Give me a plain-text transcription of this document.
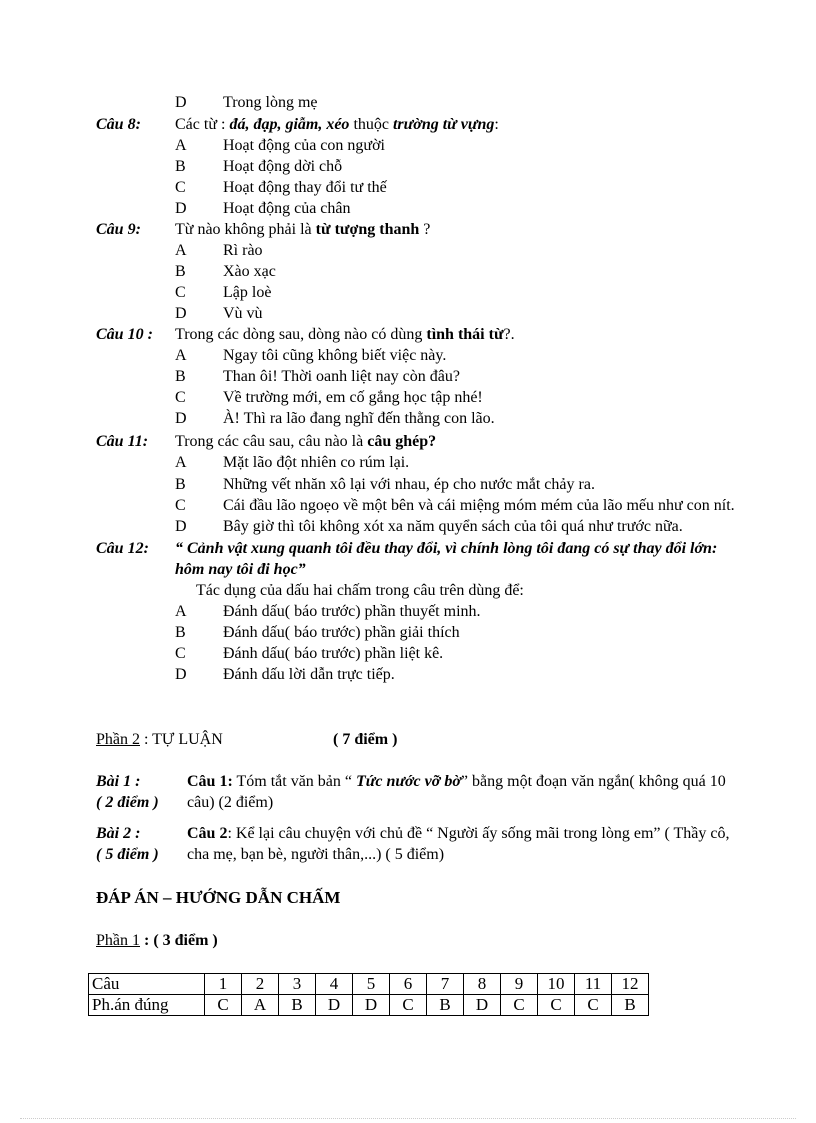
D Trong lòng mẹ
Câu 8: Các từ : đá, đạp, giẫm, xéo thuộc trường từ vựng:
A Hoạt động của con người
B Hoạt động dời chỗ
C Hoạt động thay đổi tư thế
D Hoạt động của chân
Câu 9: Từ nào không phải là từ tượng thanh ?
A Rì rào
B Xào xạc
C Lập loè
D Vù vù
Câu 10 : Trong các dòng sau, dòng nào có dùng tình thái từ?.
A Ngay tôi cũng không biết việc này.
B Than ôi! Thời oanh liệt nay còn đâu?
C Về trường mới, em cố gắng học tập nhé!
D À! Thì ra lão đang nghĩ đến thằng con lão.
Câu 11: Trong các câu sau, câu nào là câu ghép?
A Mặt lão đột nhiên co rúm lại.
B Những vết nhăn xô lại với nhau, ép cho nước mắt chảy ra.
C Cái đầu lão ngoẹo về một bên và cái miệng móm mém của lão mếu như con nít.
D Bây giờ thì tôi không xót xa năm quyển sách của tôi quá như trước nữa.
Câu 12: “ Cảnh vật xung quanh tôi đều thay đổi, vì chính lòng tôi đang có sự thay đổi lớn:
hôm nay tôi đi học”
Tác dụng của dấu hai chấm trong câu trên dùng để:
A Đánh dấu( báo trước) phần thuyết minh.
B Đánh dấu( báo trước) phần giải thích
C Đánh dấu( báo trước) phần liệt kê.
D Đánh dấu lời dẫn trực tiếp.
Phần 2 : TỰ LUẬN	( 7 điểm )
Bài 1 :
( 2 điểm )
Câu 1: Tóm tắt văn bản “ Tức nước vỡ bờ” bằng một đoạn văn ngắn( không quá 10
câu) (2 điểm)
Bài 2 :
( 5 điểm )
Câu 2: Kể lại câu chuyện với chủ đề “ Người ấy sống mãi trong lòng em” ( Thầy cô,
cha mẹ, bạn bè, người thân,...) ( 5 điểm)
ĐÁP ÁN – HƯỚNG DẪN CHẤM
Phần 1 : ( 3 điểm )
Câu	1	2	3	4	5	6	7	8	9	10	11	12
Ph.án đúng	C	A	B	D	D	C	B	D	C	C	C	B
